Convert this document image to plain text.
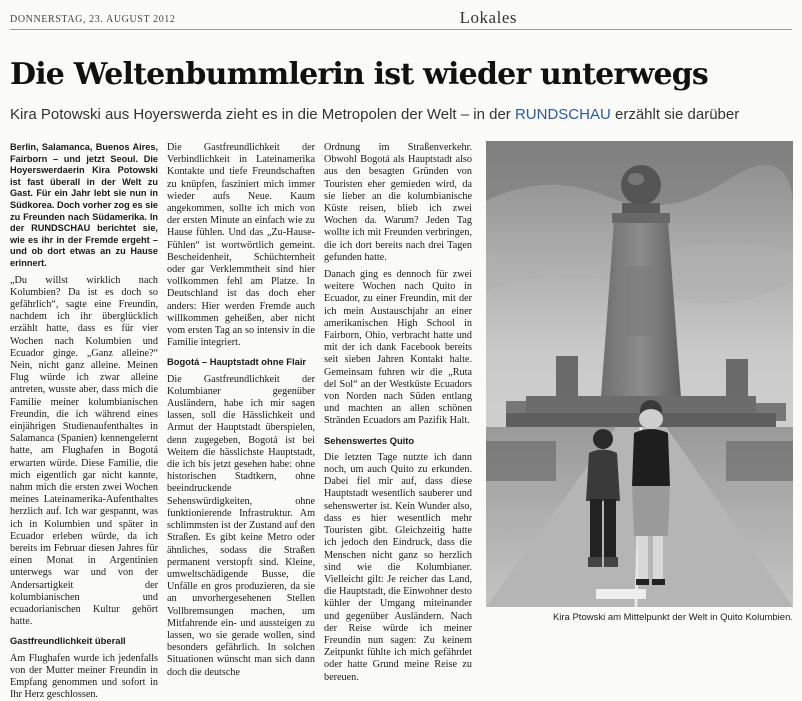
DONNERSTAG, 23. AUGUST 2012	Lokales
Die Weltenbummlerin ist wieder unterwegs
Kira Potowski aus Hoyerswerda zieht es in die Metropolen der Welt – in der RUNDSCHAU erzählt sie darüber

Berlin, Salamanca, Buenos Aires, Fairborn – und jetzt Seoul. Die Hoyerswerdaerin Kira Potowski ist fast überall in der Welt zu Gast. Für ein Jahr lebt sie nun in Südkorea. Doch vorher zog es sie zu Freunden nach Südamerika. In der RUNDSCHAU berichtet sie, wie es ihr in der Fremde ergeht – und ob dort etwas an zu Hause erinnert.

„Du willst wirklich nach Kolumbien? Da ist es doch so gefährlich“, sagte eine Freundin, nachdem ich ihr überglücklich erzählt hatte, dass es für vier Wochen nach Kolumbien und Ecuador ginge. „Ganz alleine?“ Nein, nicht ganz alleine. Meinen Flug würde ich zwar alleine antreten, wusste aber, dass mich die Familie meiner kolumbianischen Freundin, die ich während eines einjährigen Studienaufenthaltes in Salamanca (Spanien) kennengelernt hatte, am Flughafen in Bogotá erwarten würde. Diese Familie, die mich eigentlich gar nicht kannte, nahm mich die ersten zwei Wochen meines Lateinamerika-Aufenthaltes herzlich auf. Ich war gespannt, was ich in Kolumbien und später in Ecuador erleben würde, da ich bereits im Februar diesen Jahres für einen Monat in Argentinien unterwegs war und von der Andersartigkeit der kolumbianischen und ecuadorianischen Kultur gehört hatte.

Gastfreundlichkeit überall

Am Flughafen wurde ich jedenfalls von der Mutter meiner Freundin in Empfang genommen und sofort in Ihr Herz geschlossen.

Die Gastfreundlichkeit der Verbindlichkeit in Lateinamerika Kontakte und tiefe Freundschaften zu knüpfen, fasziniert mich immer wieder aufs Neue. Kaum angekommen, sollte ich mich von der ersten Minute an einfach wie zu Hause fühlen. Und das „Zu-Hause-Fühlen“ ist wortwörtlich gemeint. Bescheidenheit, Schüchternheit oder gar Verklemmtheit sind hier vollkommen fehl am Platze. In Deutschland ist das doch eher anders: Hier werden Fremde auch willkommen geheißen, aber nicht vom ersten Tag an so intensiv in die Familie integriert.

Bogotá – Hauptstadt ohne Flair

Die Gastfreundlichkeit der Kolumbianer gegenüber Ausländern, habe ich mir sagen lassen, soll die Hässlichkeit und Armut der Hauptstadt überspielen, denn zugegeben, Bogotá ist bei Weitem die hässlichste Hauptstadt, die ich bis jetzt gesehen habe: ohne historischen Stadtkern, ohne beeindruckende Sehenswürdigkeiten, ohne funktionierende Infrastruktur. Am schlimmsten ist der Zustand auf den Straßen. Es gibt keine Metro oder ähnliches, sodass die Straßen permanent verstopft sind. Kleine, umweltschädigende Busse, die Unfälle en gros produzieren, da sie an unvorhergesehenen Stellen Vollbremsungen machen, um Mitfahrende ein- und aussteigen zu lassen, wo sie gerade wollen, sind besonders gefährlich. In solchen Situationen wünscht man sich dann doch die deutsche

Ordnung im Straßenverkehr. Obwohl Bogotá als Hauptstadt also aus den besagten Gründen von Touristen eher gemieden wird, da sie lieber an die kolumbianische Küste reisen, blieb ich zwei Wochen da. Warum? Jeden Tag wollte ich mit Freunden verbringen, die ich dort bereits nach drei Tagen gefunden hatte.

Danach ging es dennoch für zwei weitere Wochen nach Quito in Ecuador, zu einer Freundin, mit der ich mein Austauschjahr an einer amerikanischen High School in Fairborn, Ohio, verbracht hatte und mit der ich dank Facebook bereits seit sieben Jahren Kontakt halte. Gemeinsam fuhren wir die „Ruta del Sol“ an der Westküste Ecuadors von Norden nach Süden entlang und machten an allen schönen Stränden Ecuadors am Pazifik Halt.

Sehenswertes Quito

Die letzten Tage nutzte ich dann noch, um auch Quito zu erkunden. Dabei fiel mir auf, dass diese Hauptstadt wesentlich sauberer und sehenswerter ist. Kein Wunder also, dass es hier wesentlich mehr Touristen gibt. Gleichzeitig hatte ich jedoch den Eindruck, dass die Menschen nicht ganz so herzlich sind wie die Kolumbianer. Vielleicht gilt: Je reicher das Land, die Hauptstadt, die Einwohner desto kühler der Umgang miteinander und gegenüber Ausländern. Nach der Reise würde ich meiner Freundin nun sagen: Zu keinem Zeitpunkt fühlte ich mich gefährdet oder hatte Grund meine Reise zu bereuen.

Kira Ptowski am Mittelpunkt der Welt in Quito Kolumbien.
